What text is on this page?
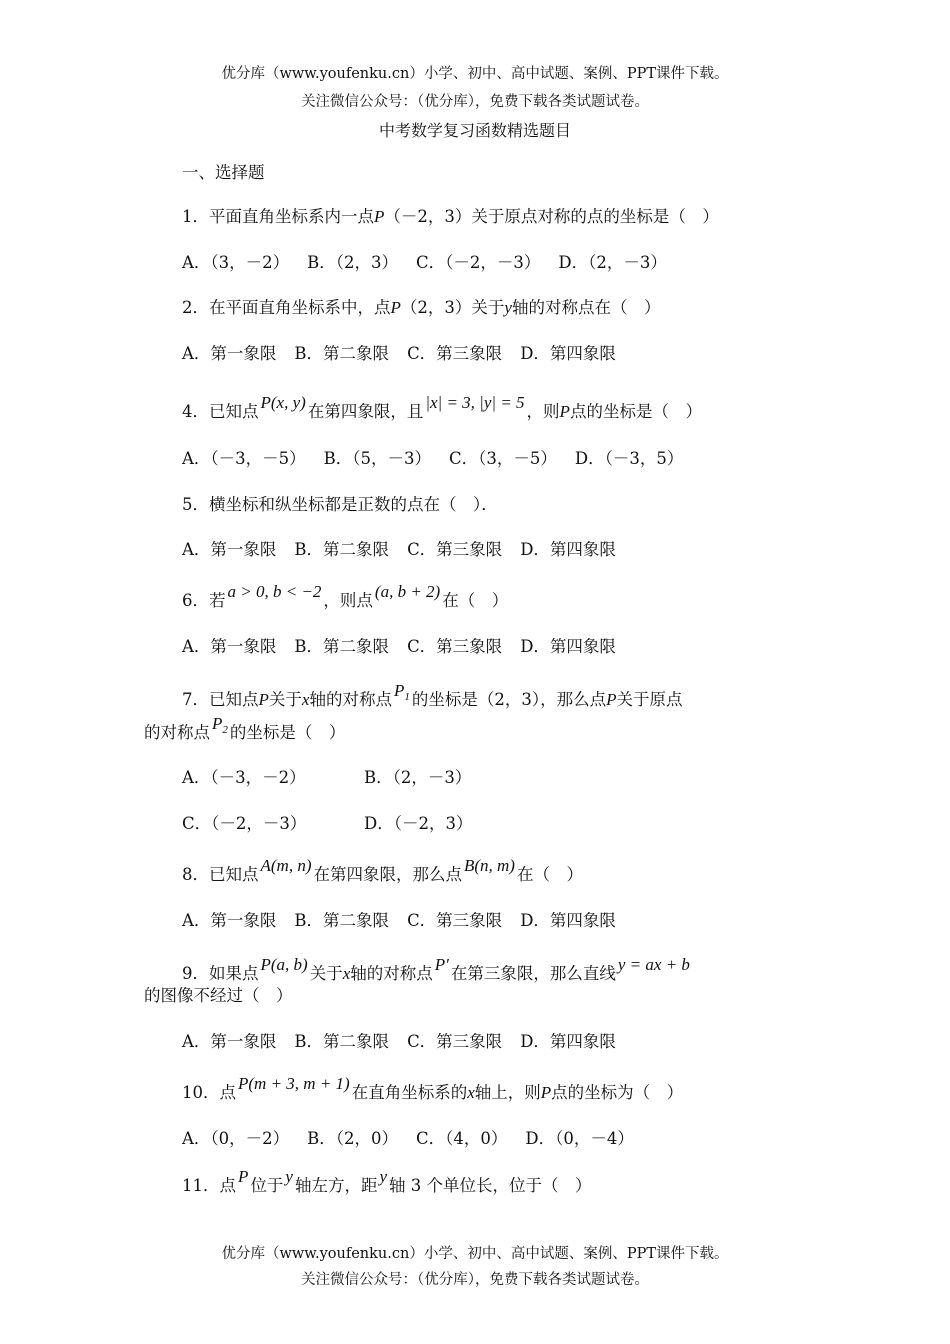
优分库（www.youfenku.cn）小学、初中、高中试题、案例、PPT课件下载。
关注微信公众号：（优分库），免费下载各类试题试卷。
中考数学复习函数精选题目
一、选择题
1．平面直角坐标系内一点P（－2，3）关于原点对称的点的坐标是（　）
A．（3，－2） B．（2，3） C．（－2，－3） D．（2，－3）
2．在平面直角坐标系中，点P（2，3）关于y轴的对称点在（　）
A．第一象限 B．第二象限 C．第三象限 D．第四象限
4．已知点 P(x, y) 在第四象限，且 |x| = 3, |y| = 5 ，则P点的坐标是（　）
A．（－3，－5） B．（5，－3） C．（3，－5） D．（－3，5）
5．横坐标和纵坐标都是正数的点在（　）．
A．第一象限 B．第二象限 C．第三象限 D．第四象限
6．若 a > 0, b < −2 ，则点 (a, b + 2) 在（　）
A．第一象限 B．第二象限 C．第三象限 D．第四象限
7．已知点P关于x轴的对称点 $P_1$ 的坐标是（2，3），那么点P关于原点
的对称点 $P_2$ 的坐标是（　）
A．（－3，－2）	B．（2，－3）
C．（－2，－3）	D．（－2，3）
8．已知点 A(m, n) 在第四象限，那么点 B(n, m) 在（　）
A．第一象限 B．第二象限 C．第三象限 D．第四象限
9．如果点 P(a, b) 关于x轴的对称点 P′ 在第三象限，那么直线 y = ax + b
的图像不经过（　）
A．第一象限 B．第二象限 C．第三象限 D．第四象限
10．点 P(m + 3, m + 1) 在直角坐标系的x轴上，则P点的坐标为（　）
A．（0，－2） B．（2，0） C．（4，0） D．（0，－4）
11．点 P 位于 y 轴左方，距 y 轴 3 个单位长，位于（　）
优分库（www.youfenku.cn）小学、初中、高中试题、案例、PPT课件下载。
关注微信公众号：（优分库），免费下载各类试题试卷。
